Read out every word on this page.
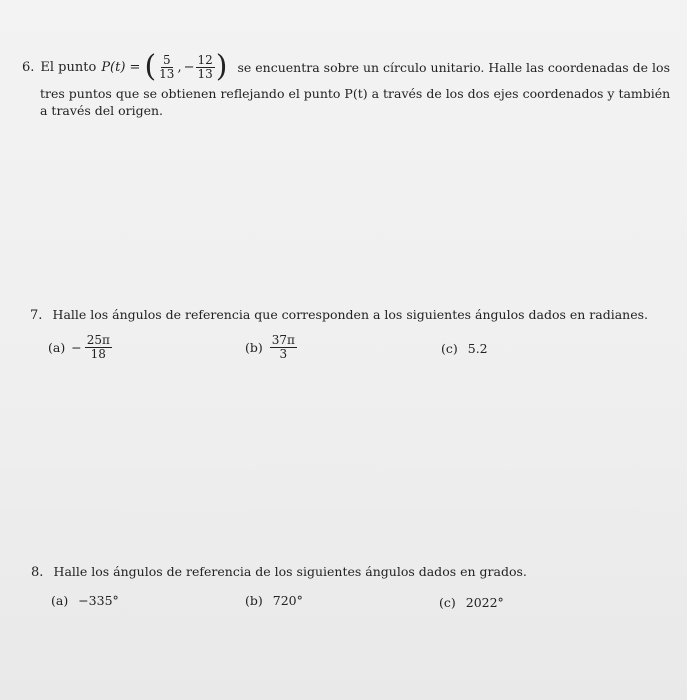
6. El punto P(t) = ( $\frac{5}{13}$ , − $\frac{12}{13}$ ) se encuentra sobre un círculo unitario. Halle las coordenadas de los
tres puntos que se obtienen reflejando el punto P(t) a través de los dos ejes coordenados y también
a través del origen.
7. Halle los ángulos de referencia que corresponden a los siguientes ángulos dados en radianes.
$(a) - \frac{25\pi}{18}$	$(b) \frac{37\pi}{3}$	(c) 5.2
8. Halle los ángulos de referencia de los siguientes ángulos dados en grados.
(a) −335°	(b) 720°	(c) 2022°
